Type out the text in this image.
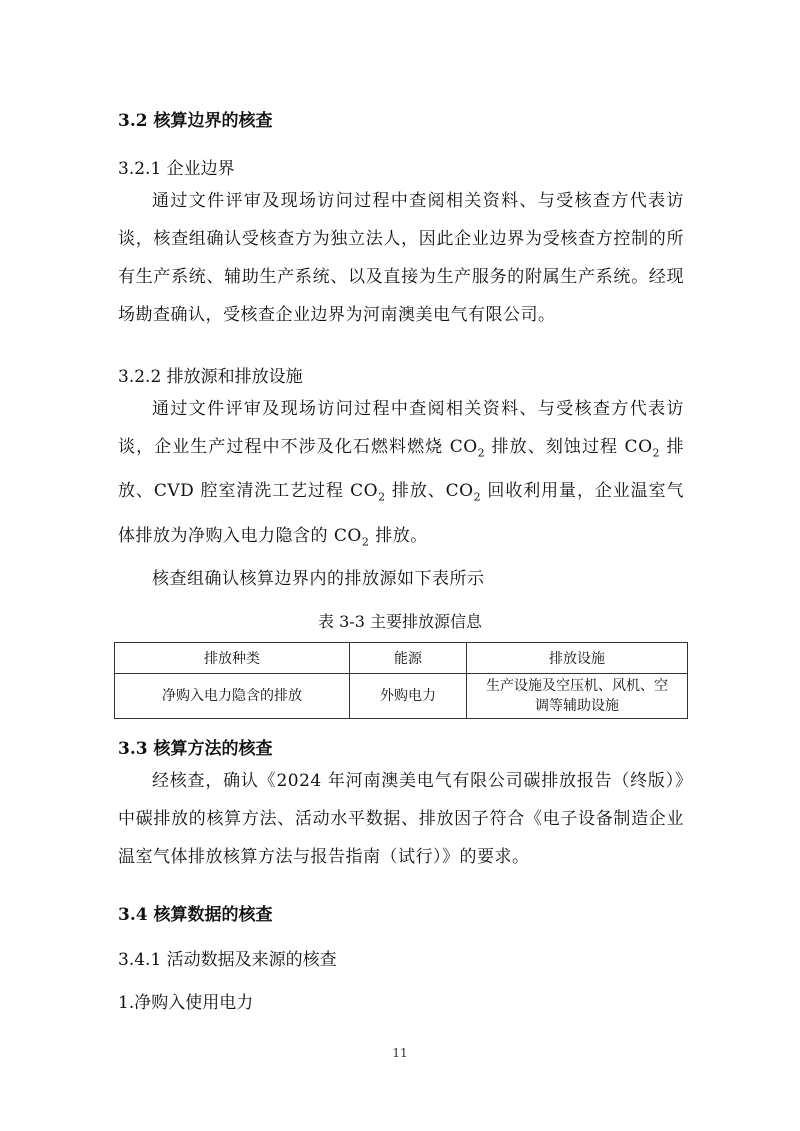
3.2 核算边界的核查
3.2.1 企业边界
通过文件评审及现场访问过程中查阅相关资料、与受核查方代表访谈，核查组确认受核查方为独立法人，因此企业边界为受核查方控制的所有生产系统、辅助生产系统、以及直接为生产服务的附属生产系统。经现场勘查确认，受核查企业边界为河南澳美电气有限公司。
3.2.2 排放源和排放设施
通过文件评审及现场访问过程中查阅相关资料、与受核查方代表访谈，企业生产过程中不涉及化石燃料燃烧 $CO_2$ 排放、刻蚀过程 $CO_2$ 排放、CVD 腔室清洗工艺过程 $CO_2$ 排放、$CO_2$ 回收利用量，企业温室气体排放为净购入电力隐含的 $CO_2$ 排放。
核查组确认核算边界内的排放源如下表所示
表 3-3 主要排放源信息
排放种类	能源	排放设施
净购入电力隐含的排放	外购电力	生产设施及空压机、风机、空调等辅助设施
3.3 核算方法的核查
经核查，确认《2024 年河南澳美电气有限公司碳排放报告（终版）》中碳排放的核算方法、活动水平数据、排放因子符合《电子设备制造企业温室气体排放核算方法与报告指南（试行）》的要求。
3.4 核算数据的核查
3.4.1 活动数据及来源的核查
1.净购入使用电力
11
